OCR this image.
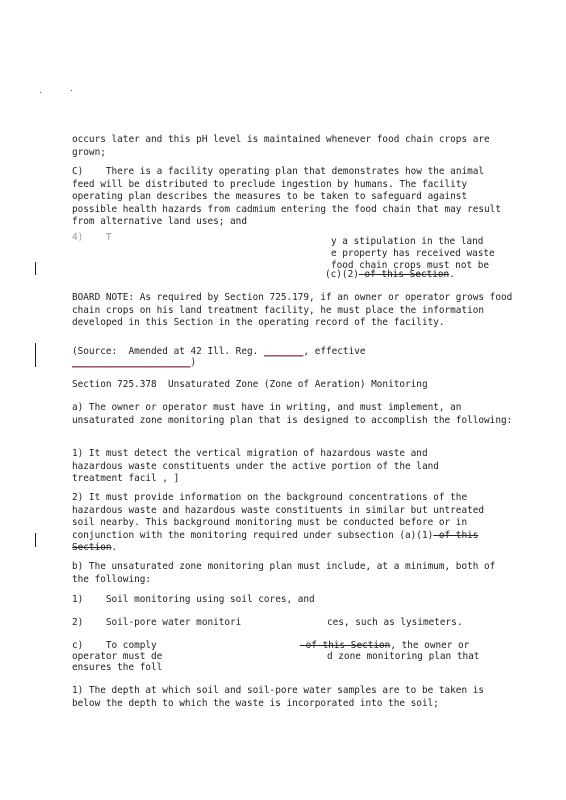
occurs later and this pH level is maintained whenever food chain crops are grown;
C) There is a facility operating plan that demonstrates how the animal feed will be distributed to preclude ingestion by humans. The facility operating plan describes the measures to be taken to safeguard against possible health hazards from cadmium entering the food chain that may result from alternative land uses; and
4)    T	y a stipulation in the land
e property has received waste
food chain crops must not be
(c)(2) of this Section.
BOARD NOTE: As required by Section 725.179, if an owner or operator grows food chain crops on his land treatment facility, he must place the information developed in this Section in the operating record of the facility.
(Source:  Amended at 42 Ill. Reg. _______, effective
_____________________)
Section 725.378  Unsaturated Zone (Zone of Aeration) Monitoring
a) The owner or operator must have in writing, and must implement, an unsaturated zone monitoring plan that is designed to accomplish the following:
1) It must detect the vertical migration of hazardous waste and hazardous waste constituents under the active portion of the land treatment facil , ]
2) It must provide information on the background concentrations of the hazardous waste and hazardous waste constituents in similar but untreated soil nearby. This background monitoring must be conducted before or in conjunction with the monitoring required under subsection (a)(1) of this Section.
b) The unsaturated zone monitoring plan must include, at a minimum, both of the following:
1)    Soil monitoring using soil cores, and
2)    Soil-pore water monitori	ces, such as lysimeters.
c)    To comply	of this Section, the owner or
operator must de	d zone monitoring plan that
ensures the foll
1) The depth at which soil and soil-pore water samples are to be taken is below the depth to which the waste is incorporated into the soil;
